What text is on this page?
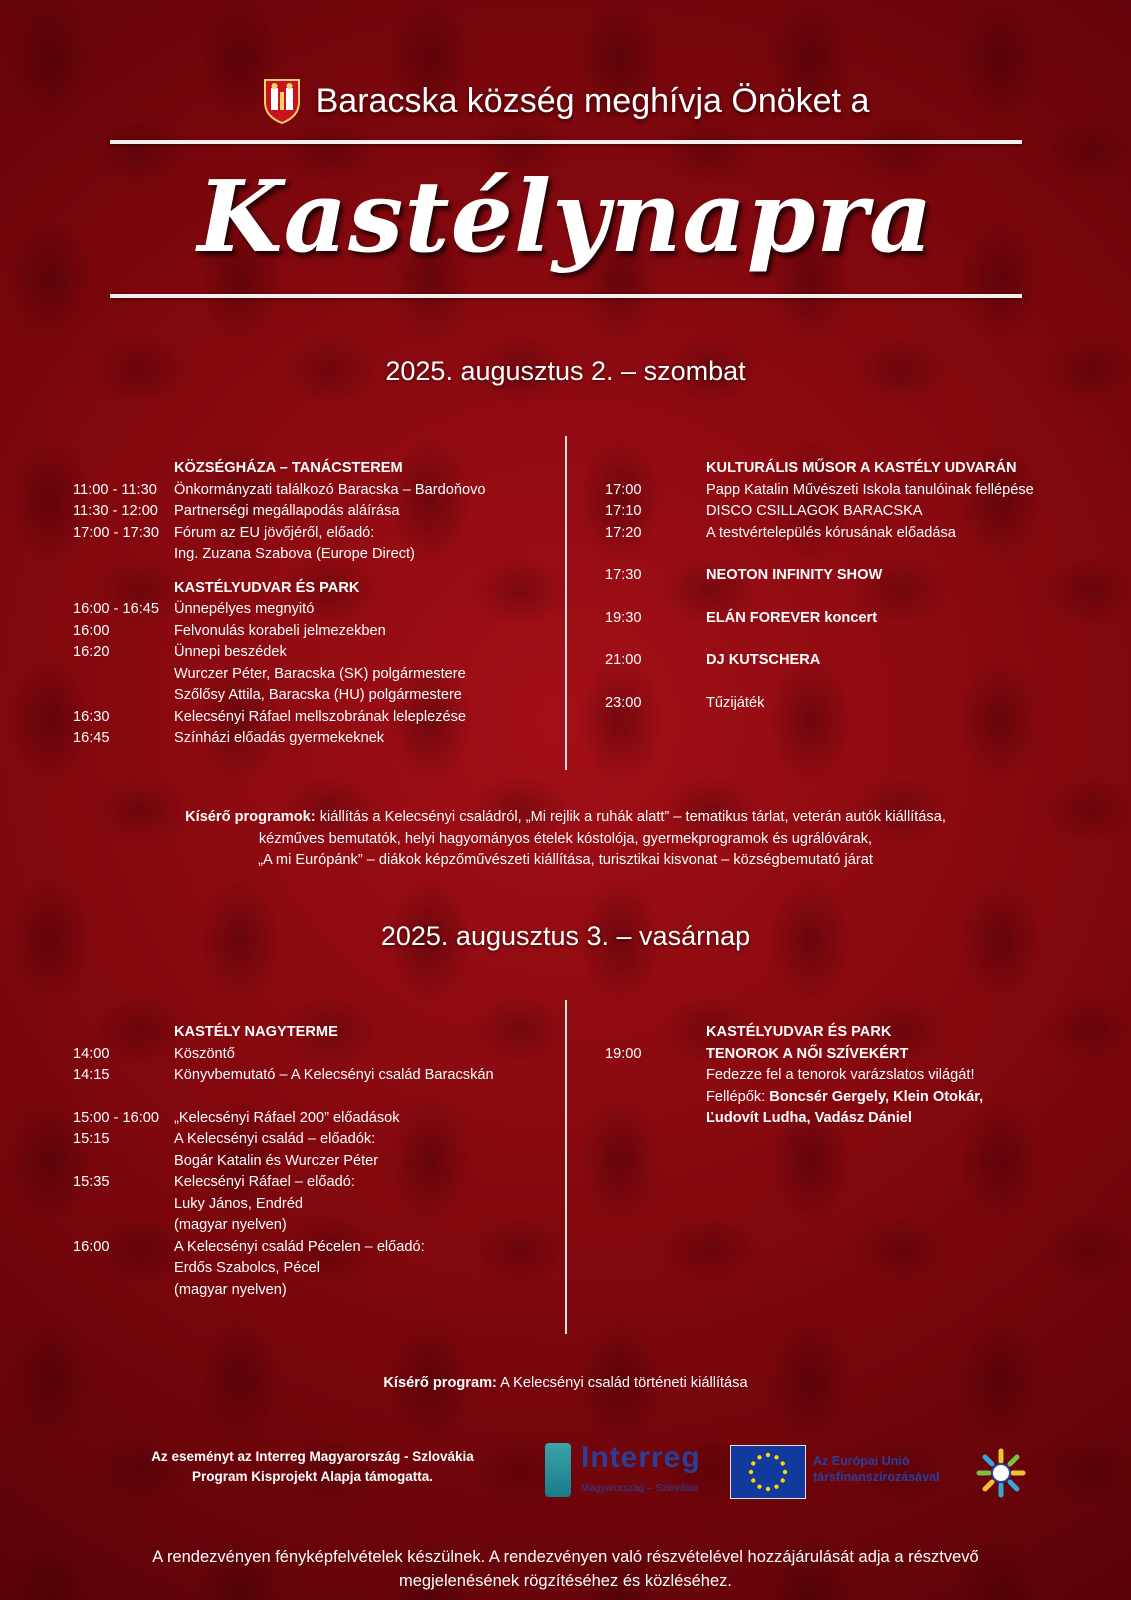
Baracska község meghívja Önöket a
Kastélynapra
2025. augusztus 2. – szombat
KÖZSÉGHÁZA – TANÁCSTEREM
11:00 - 11:30	Önkormányzati találkozó Baracska – Bardoňovo
11:30 - 12:00	Partnerségi megállapodás aláírása
17:00 - 17:30	Fórum az EU jövőjéről, előadó:
Ing. Zuzana Szabova (Europe Direct)
KASTÉLYUDVAR ÉS PARK
16:00 - 16:45	Ünnepélyes megnyitó
16:00	Felvonulás korabeli jelmezekben
16:20	Ünnepi beszédek
Wurczer Péter, Baracska (SK) polgármestere
Szőlősy Attila, Baracska (HU) polgármestere
16:30	Kelecsényi Ráfael mellszobrának leleplezése
16:45	Színházi előadás gyermekeknek
KULTURÁLIS MŰSOR A KASTÉLY UDVARÁN
17:00	Papp Katalin Művészeti Iskola tanulóinak fellépése
17:10	DISCO CSILLAGOK BARACSKA
17:20	A testvértelepülés kórusának előadása
17:30	NEOTON INFINITY SHOW
19:30	ELÁN FOREVER koncert
21:00	DJ KUTSCHERA
23:00	Tűzijáték
Kísérő programok: kiállítás a Kelecsényi családról, „Mi rejlik a ruhák alatt” – tematikus tárlat, veterán autók kiállítása,
kézműves bemutatók, helyi hagyományos ételek kóstolója, gyermekprogramok és ugrálóvárak,
„A mi Európánk” – diákok képzőművészeti kiállítása, turisztikai kisvonat – községbemutató járat
2025. augusztus 3. – vasárnap
KASTÉLY NAGYTERME
14:00	Köszöntő
14:15	Könyvbemutató – A Kelecsényi család Baracskán
15:00 - 16:00	„Kelecsényi Ráfael 200” előadások
15:15	A Kelecsényi család – előadók:
Bogár Katalin és Wurczer Péter
15:35	Kelecsényi Ráfael – előadó:
Luky János, Endréd
(magyar nyelven)
16:00	A Kelecsényi család Pécelen – előadó:
Erdős Szabolcs, Pécel
(magyar nyelven)
KASTÉLYUDVAR ÉS PARK
19:00	TENOROK A NŐI SZÍVEKÉRT
Fedezze fel a tenorok varázslatos világát!
Fellépők: Boncsér Gergely, Klein Otokár,
Ľudovít Ludha, Vadász Dániel
Kísérő program: A Kelecsényi család történeti kiállítása
Az eseményt az Interreg Magyarország - Szlovákia
Program Kisprojekt Alapja támogatta.
Interreg
Magyarország – Szlovákia
Az Európai Unió
társfinanszírozásával
A rendezvényen fényképfelvételek készülnek. A rendezvényen való részvételével hozzájárulását adja a résztvevő
megjelenésének rögzítéséhez és közléséhez.
